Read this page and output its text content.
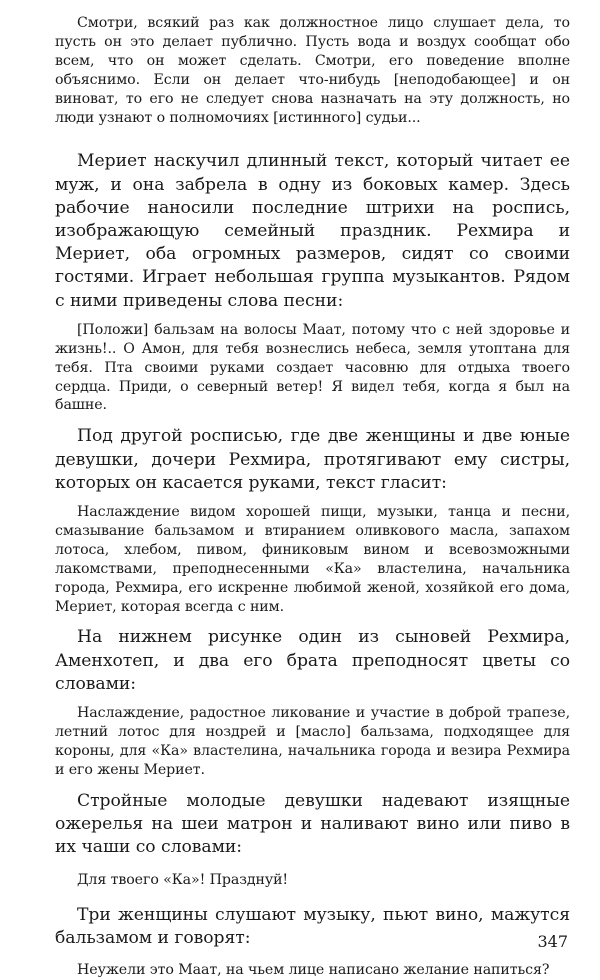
Смотри, всякий раз как должностное лицо слушает дела, то пусть он это делает публично. Пусть вода и воздух сообщат обо всем, что он может сделать. Смотри, его поведение вполне объяснимо. Если он делает что-нибудь [неподобающее] и он виноват, то его не следует снова назначать на эту должность, но люди узнают о полномочиях [истинного] судьи...

Мериет наскучил длинный текст, который читает ее муж, и она забрела в одну из боковых камер. Здесь рабочие наносили последние штрихи на роспись, изображающую семейный праздник. Рехмира и Мериет, оба огромных размеров, сидят со своими гостями. Играет небольшая группа музыкантов. Рядом с ними приведены слова песни:

[Положи] бальзам на волосы Маат, потому что с ней здоровье и жизнь!.. О Амон, для тебя вознеслись небеса, земля утоптана для тебя. Пта своими руками создает часовню для отдыха твоего сердца. Приди, о северный ветер! Я видел тебя, когда я был на башне.

Под другой росписью, где две женщины и две юные девушки, дочери Рехмира, протягивают ему систры, которых он касается руками, текст гласит:

Наслаждение видом хорошей пищи, музыки, танца и песни, смазывание бальзамом и втиранием оливкового масла, запахом лотоса, хлебом, пивом, финиковым вином и всевозможными лакомствами, преподнесенными «Ка» властелина, начальника города, Рехмира, его искренне любимой женой, хозяйкой его дома, Мериет, которая всегда с ним.

На нижнем рисунке один из сыновей Рехмира, Аменхотеп, и два его брата преподносят цветы со словами:

Наслаждение, радостное ликование и участие в доброй трапезе, летний лотос для ноздрей и [масло] бальзама, подходящее для короны, для «Ка» властелина, начальника города и везира Рехмира и его жены Мериет.

Стройные молодые девушки надевают изящные ожерелья на шеи матрон и наливают вино или пиво в их чаши со словами:

Для твоего «Ка»! Празднуй!

Три женщины слушают музыку, пьют вино, мажутся бальзамом и говорят:

Неужели это Маат, на чьем лице написано желание напиться?

347
